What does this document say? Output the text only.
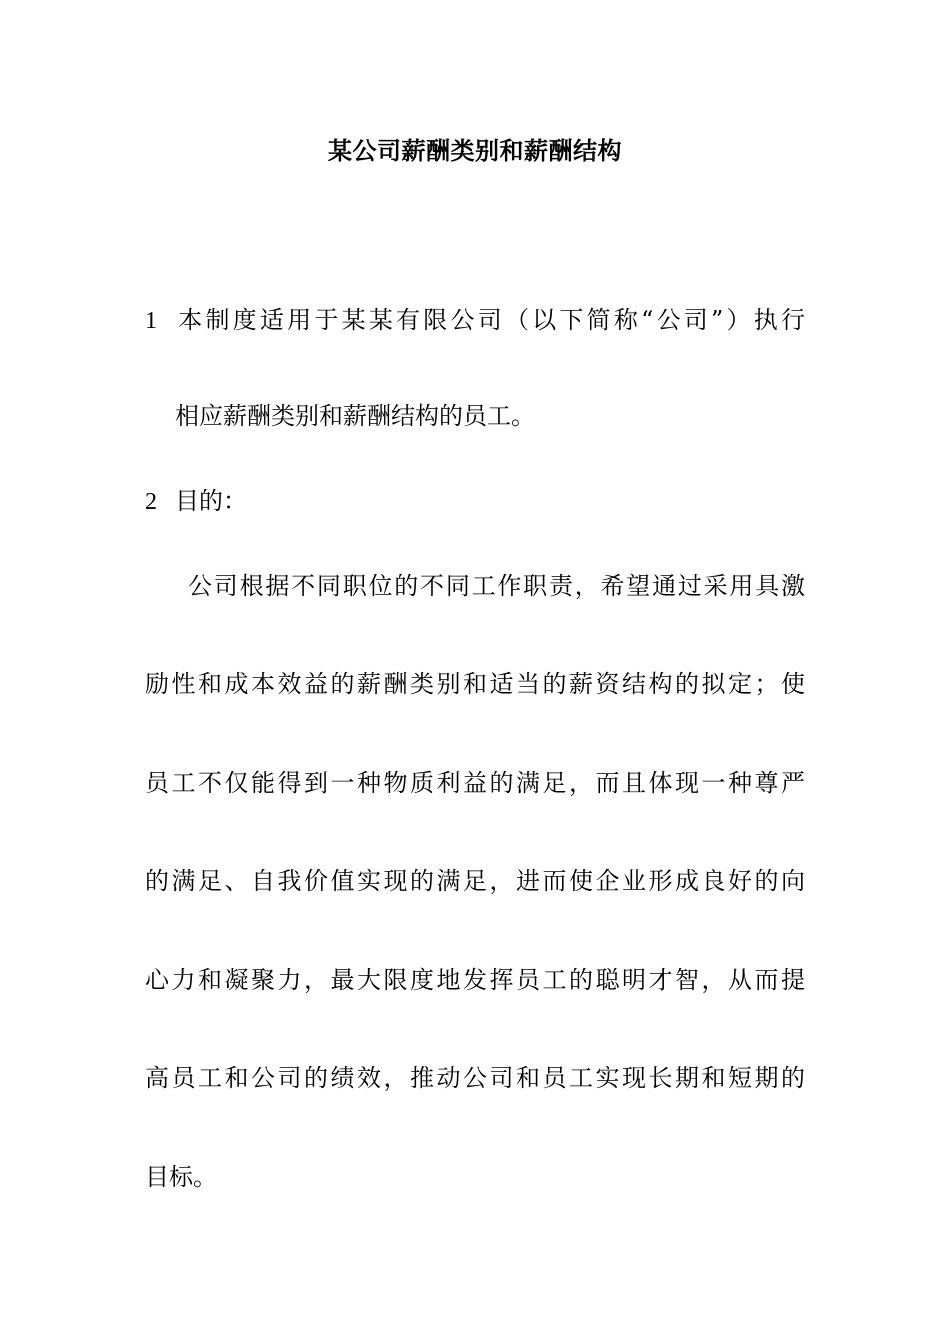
某公司薪酬类别和薪酬结构
1 本制度适用于某某有限公司（以下简称“公司”）执行
相应薪酬类别和薪酬结构的员工。
2 目的：
公司根据不同职位的不同工作职责，希望通过采用具激
励性和成本效益的薪酬类别和适当的薪资结构的拟定；使
员工不仅能得到一种物质利益的满足，而且体现一种尊严
的满足、自我价值实现的满足，进而使企业形成良好的向
心力和凝聚力，最大限度地发挥员工的聪明才智，从而提
高员工和公司的绩效，推动公司和员工实现长期和短期的
目标。
